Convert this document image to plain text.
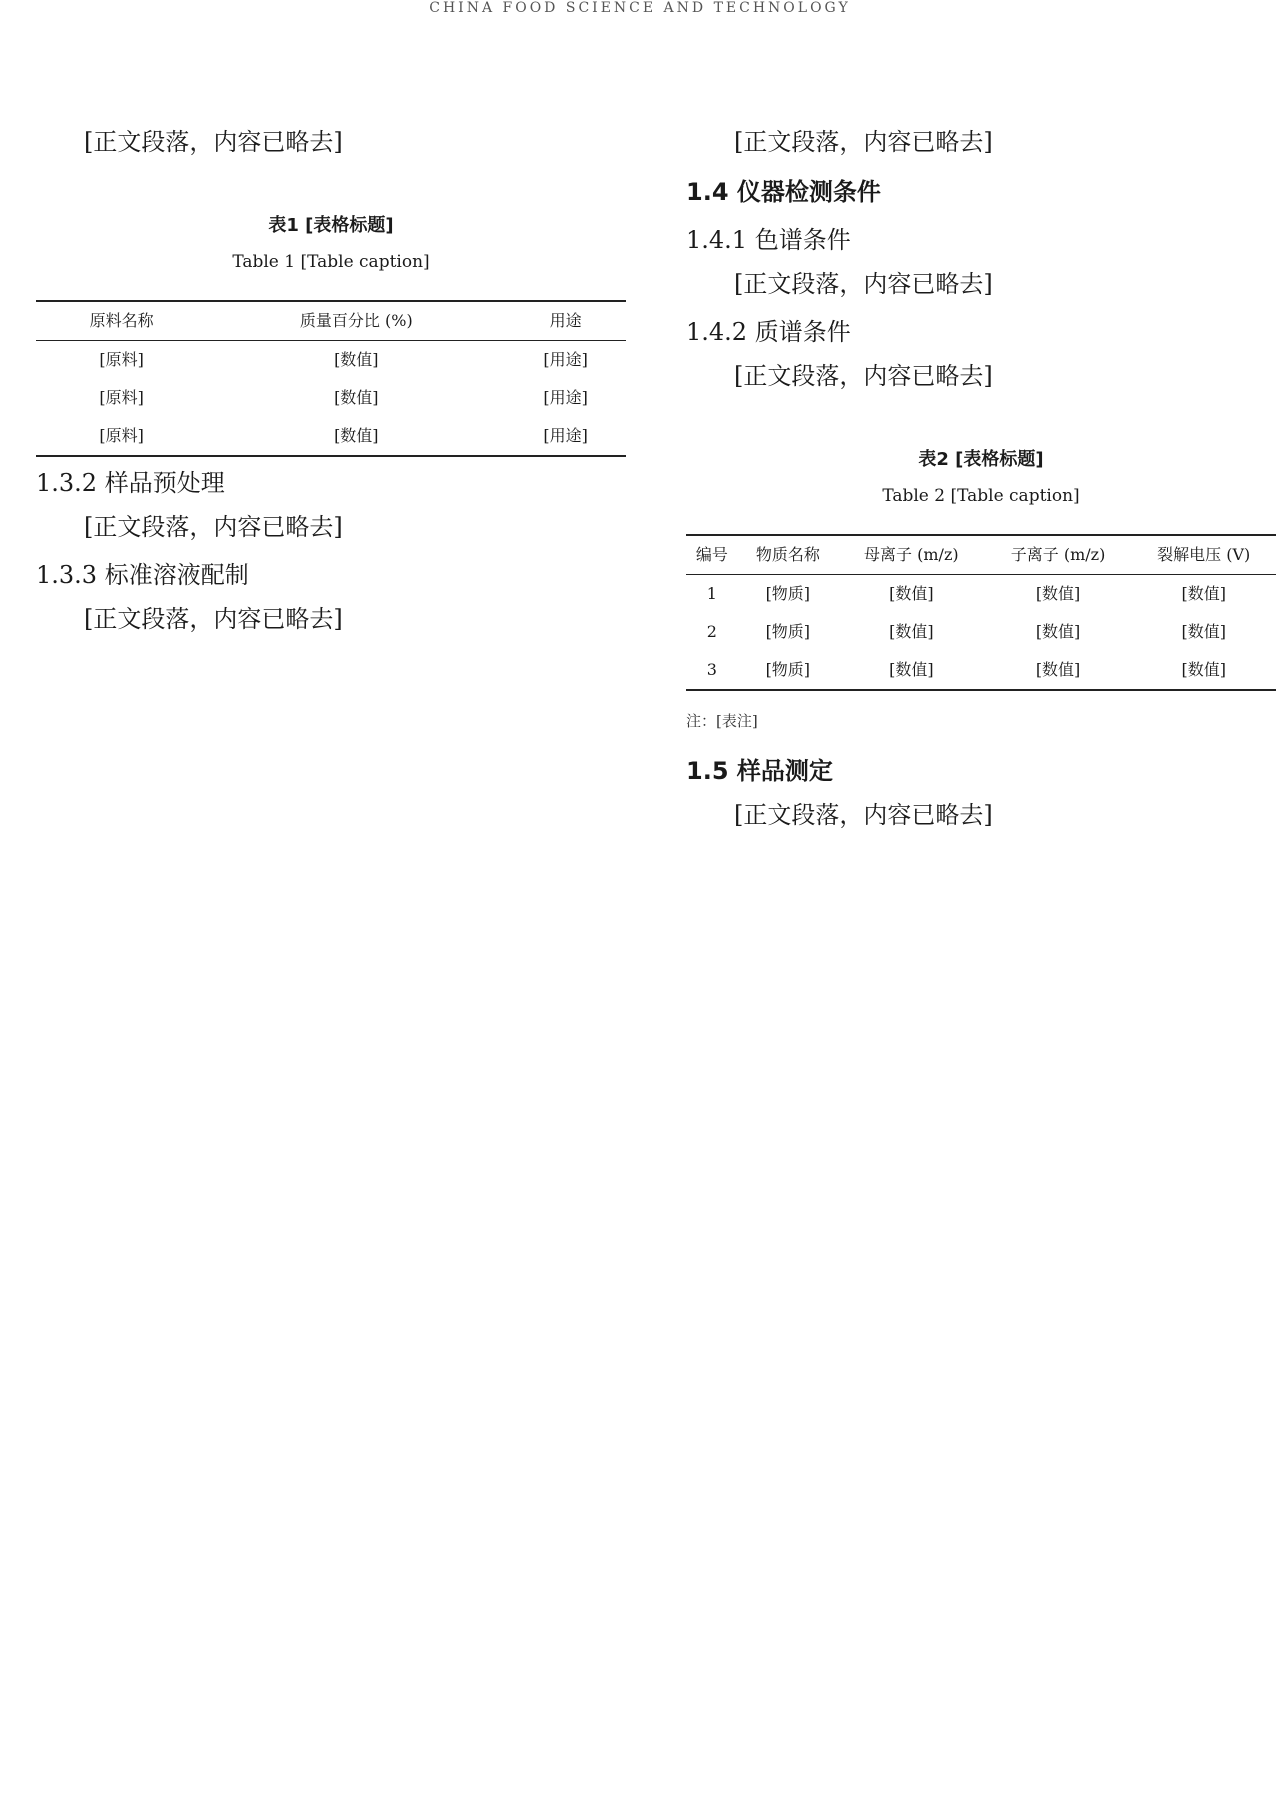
CHINA FOOD SCIENCE AND TECHNOLOGY

[正文段落，内容已略去]

表1 [表格标题]
Table 1 [Table caption]
原料名称	质量百分比 (%)	用途
[原料]	[数值]	[用途]
[原料]	[数值]	[用途]
[原料]	[数值]	[用途]
1.3.2 样品预处理

[正文段落，内容已略去]

1.3.3 标准溶液配制

[正文段落，内容已略去]

[正文段落，内容已略去]

1.4 仪器检测条件
1.4.1 色谱条件

[正文段落，内容已略去]

1.4.2 质谱条件

[正文段落，内容已略去]

表2 [表格标题]
Table 2 [Table caption]
编号	物质名称	母离子 (m/z)	子离子 (m/z)	裂解电压 (V)
1	[物质]	[数值]	[数值]	[数值]
2	[物质]	[数值]	[数值]	[数值]
3	[物质]	[数值]	[数值]	[数值]
注：[表注]
1.5 样品测定

[正文段落，内容已略去]
